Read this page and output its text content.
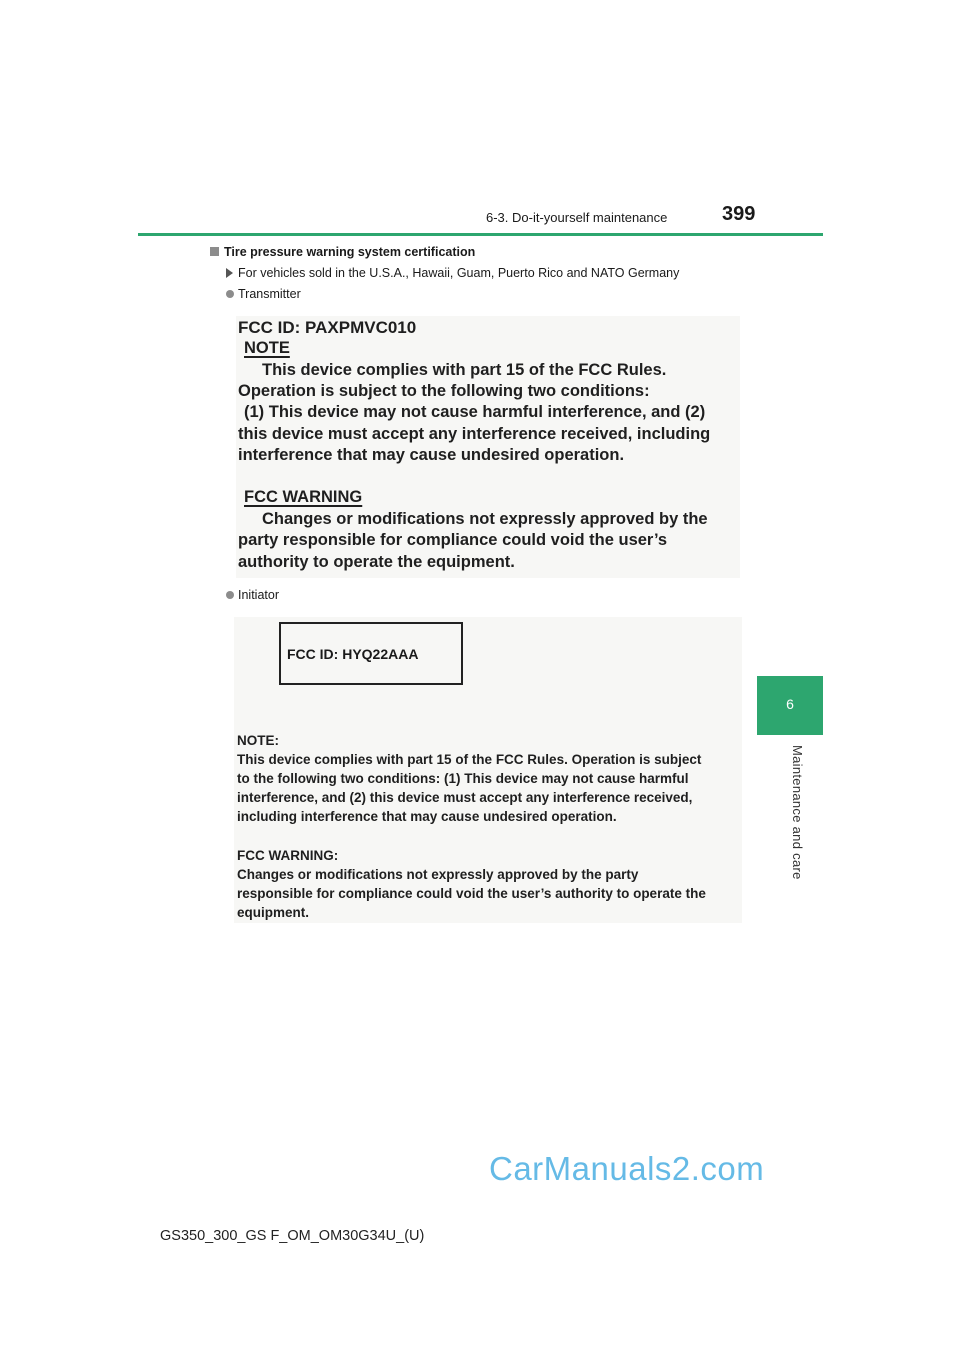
6-3. Do-it-yourself maintenance	399
6
Maintenance and care
Tire pressure warning system certification
For vehicles sold in the U.S.A., Hawaii, Guam, Puerto Rico and NATO Germany
Transmitter
FCC ID: PAXPMVC010
NOTE
This device complies with part 15 of the FCC Rules.
Operation is subject to the following two conditions:
(1) This device may not cause harmful interference, and (2)
this device must accept any interference received, including
interference that may cause undesired operation.
FCC WARNING
Changes or modifications not expressly approved by the
party responsible for compliance could void the user’s
authority to operate the equipment.
Initiator
FCC ID: HYQ22AAA
NOTE:
This device complies with part 15 of the FCC Rules. Operation is subject
to the following two conditions: (1) This device may not cause harmful
interference, and (2) this device must accept any interference received,
including interference that may cause undesired operation.
FCC WARNING:
Changes or modifications not expressly approved by the party
responsible for compliance could void the user’s authority to operate the
equipment.
CarManuals2.com
GS350_300_GS F_OM_OM30G34U_(U)
